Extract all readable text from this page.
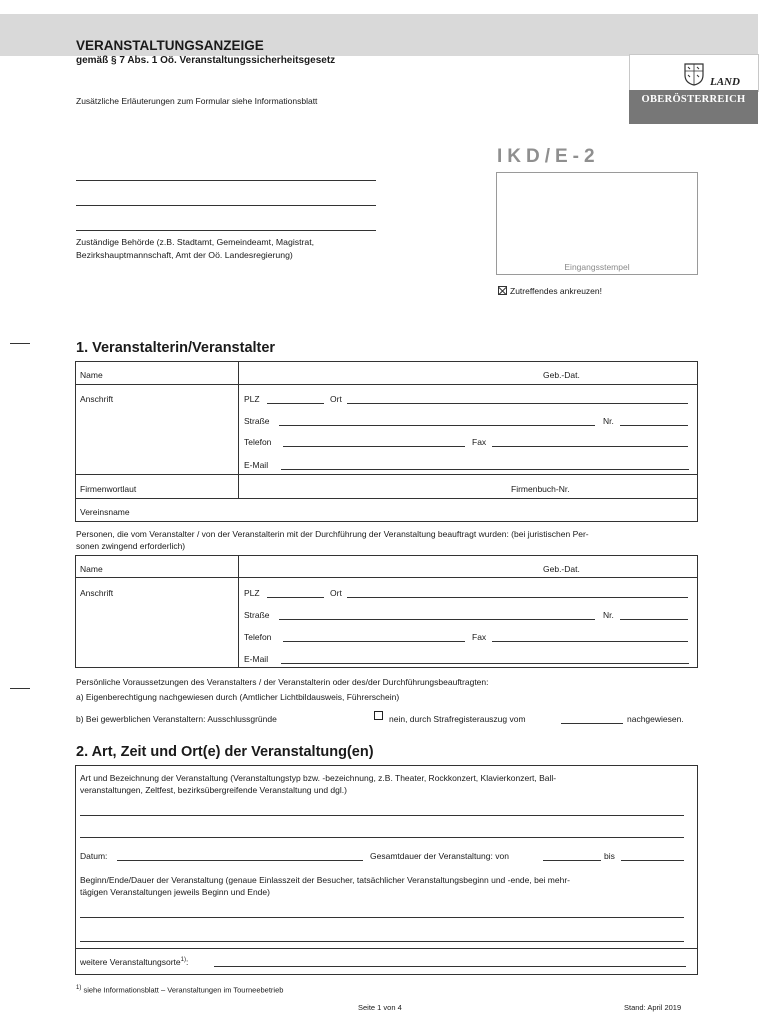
VERANSTALTUNGSANZEIGE
gemäß § 7 Abs. 1 Oö. Veranstaltungssicherheitsgesetz
LAND
OBERÖSTERREICH
Zusätzliche Erläuterungen zum Formular siehe Informationsblatt
IKD/E-2
Eingangsstempel
Zutreffendes ankreuzen!
Zuständige Behörde (z.B. Stadtamt, Gemeindeamt, Magistrat,
Bezirkshauptmannschaft, Amt der Oö. Landesregierung)
1. Veranstalterin/Veranstalter
Name	Geb.-Dat.
Anschrift	PLZ	Ort
Straße	Nr.
Telefon	Fax
E-Mail
Firmenwortlaut	Firmenbuch-Nr.
Vereinsname
Personen, die vom Veranstalter / von der Veranstalterin mit der Durchführung der Veranstaltung beauftragt wurden: (bei juristischen Per-
sonen zwingend erforderlich)
Name	Geb.-Dat.
Anschrift	PLZ	Ort
Straße	Nr.
Telefon	Fax
E-Mail
Persönliche Voraussetzungen des Veranstalters / der Veranstalterin oder des/der Durchführungsbeauftragten:
a) Eigenberechtigung nachgewiesen durch (Amtlicher Lichtbildausweis, Führerschein)
b) Bei gewerblichen Veranstaltern: Ausschlussgründe	nein, durch Strafregisterauszug vom	nachgewiesen.
2. Art, Zeit und Ort(e) der Veranstaltung(en)
Art und Bezeichnung der Veranstaltung (Veranstaltungstyp bzw. -bezeichnung, z.B. Theater, Rockkonzert, Klavierkonzert, Ball-
veranstaltungen, Zeltfest, bezirksübergreifende Veranstaltung und dgl.)
Datum:	Gesamtdauer der Veranstaltung: von	bis
Beginn/Ende/Dauer der Veranstaltung (genaue Einlasszeit der Besucher, tatsächlicher Veranstaltungsbeginn und -ende, bei mehr-
tägigen Veranstaltungen jeweils Beginn und Ende)
weitere Veranstaltungsorte$^{1)}$:
$^{1)}$ siehe Informationsblatt – Veranstaltungen im Tourneebetrieb
Seite 1 von 4	Stand: April 2019
